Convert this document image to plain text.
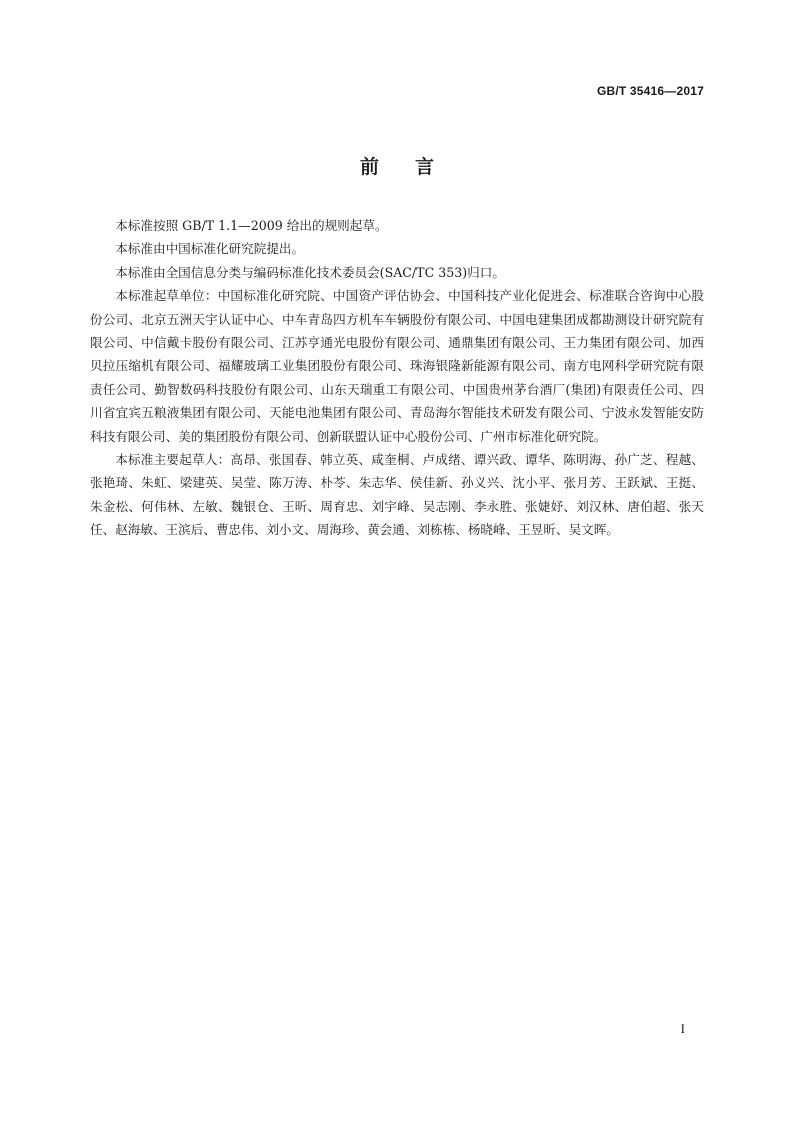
GB/T 35416—2017
前言

本标准按照 GB/T 1.1—2009 给出的规则起草。

本标准由中国标准化研究院提出。

本标准由全国信息分类与编码标准化技术委员会(SAC/TC 353)归口。

本标准起草单位：中国标准化研究院、中国资产评估协会、中国科技产业化促进会、标准联合咨询中心股份公司、北京五洲天宇认证中心、中车青岛四方机车车辆股份有限公司、中国电建集团成都勘测设计研究院有限公司、中信戴卡股份有限公司、江苏亨通光电股份有限公司、通鼎集团有限公司、王力集团有限公司、加西贝拉压缩机有限公司、福耀玻璃工业集团股份有限公司、珠海银隆新能源有限公司、南方电网科学研究院有限责任公司、勤智数码科技股份有限公司、山东天瑞重工有限公司、中国贵州茅台酒厂(集团)有限责任公司、四川省宜宾五粮液集团有限公司、天能电池集团有限公司、青岛海尔智能技术研发有限公司、宁波永发智能安防科技有限公司、美的集团股份有限公司、创新联盟认证中心股份公司、广州市标准化研究院。

本标准主要起草人：高昂、张国春、韩立英、咸奎桐、卢成绪、谭兴政、谭华、陈明海、孙广芝、程越、张艳琦、朱虹、梁建英、吴莹、陈万涛、朴苓、朱志华、侯佳新、孙义兴、沈小平、张月芳、王跃斌、王挺、朱金松、何伟林、左敏、魏银仓、王昕、周育忠、刘宇峰、吴志刚、李永胜、张婕妤、刘汉林、唐伯超、张天任、赵海敏、王滨后、曹忠伟、刘小文、周海珍、黄会通、刘栋栋、杨晓峰、王昱昕、吴文晖。

I
